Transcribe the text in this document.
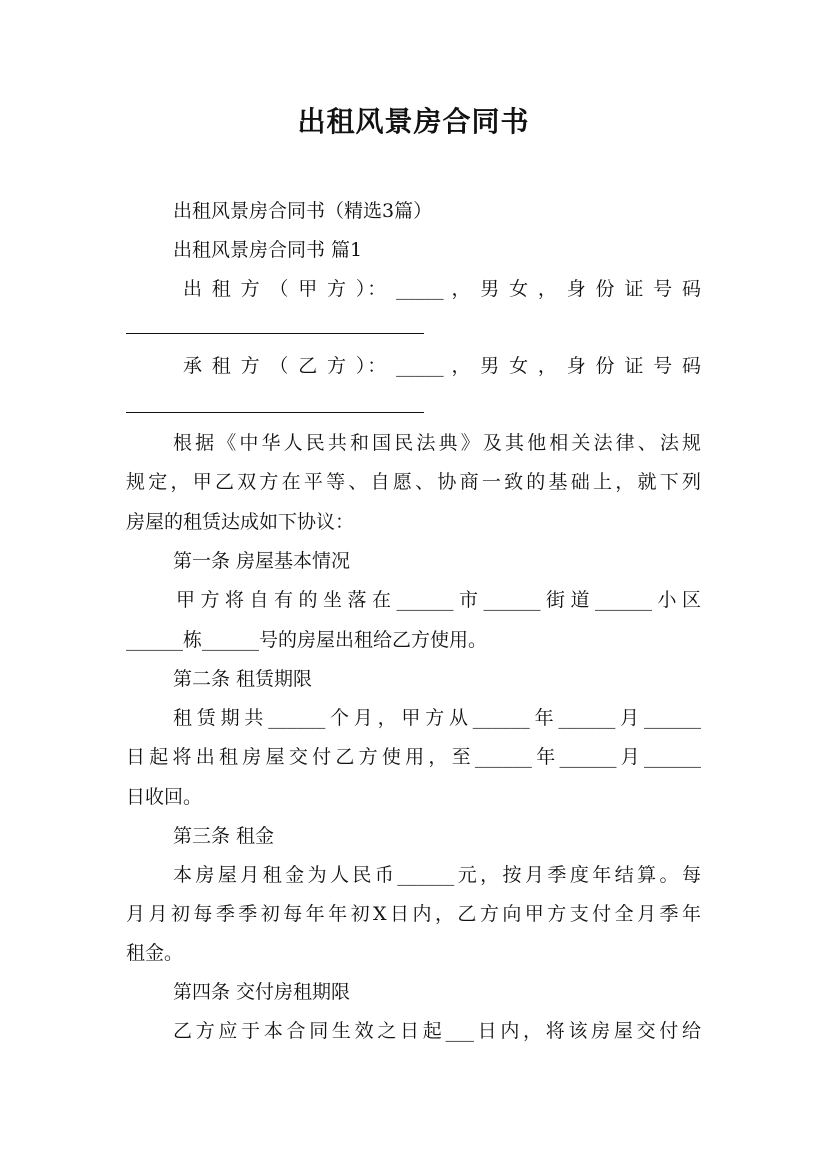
出租风景房合同书
出租风景房合同书（精选3篇）
出租风景房合同书 篇1
出 租 方 （ 甲 方 ）： _____ ， 男 女 ， 身 份 证 号 码
承 租 方 （ 乙 方 ）： _____ ， 男 女 ， 身 份 证 号 码
根据《中华人民共和国民法典》及其他相关法律、法规
规定，甲乙双方在平等、自愿、协商一致的基础上，就下列
房屋的租赁达成如下协议：
第一条 房屋基本情况
甲方将自有的坐落在______市______街道______小区
______栋______号的房屋出租给乙方使用。
第二条 租赁期限
租赁期共______个月，甲方从______年______月______
日起将出租房屋交付乙方使用，至______年______月______
日收回。
第三条 租金
本房屋月租金为人民币______元，按月季度年结算。每
月月初每季季初每年年初X日内，乙方向甲方支付全月季年
租金。
第四条 交付房租期限
乙方应于本合同生效之日起___日内，将该房屋交付给
